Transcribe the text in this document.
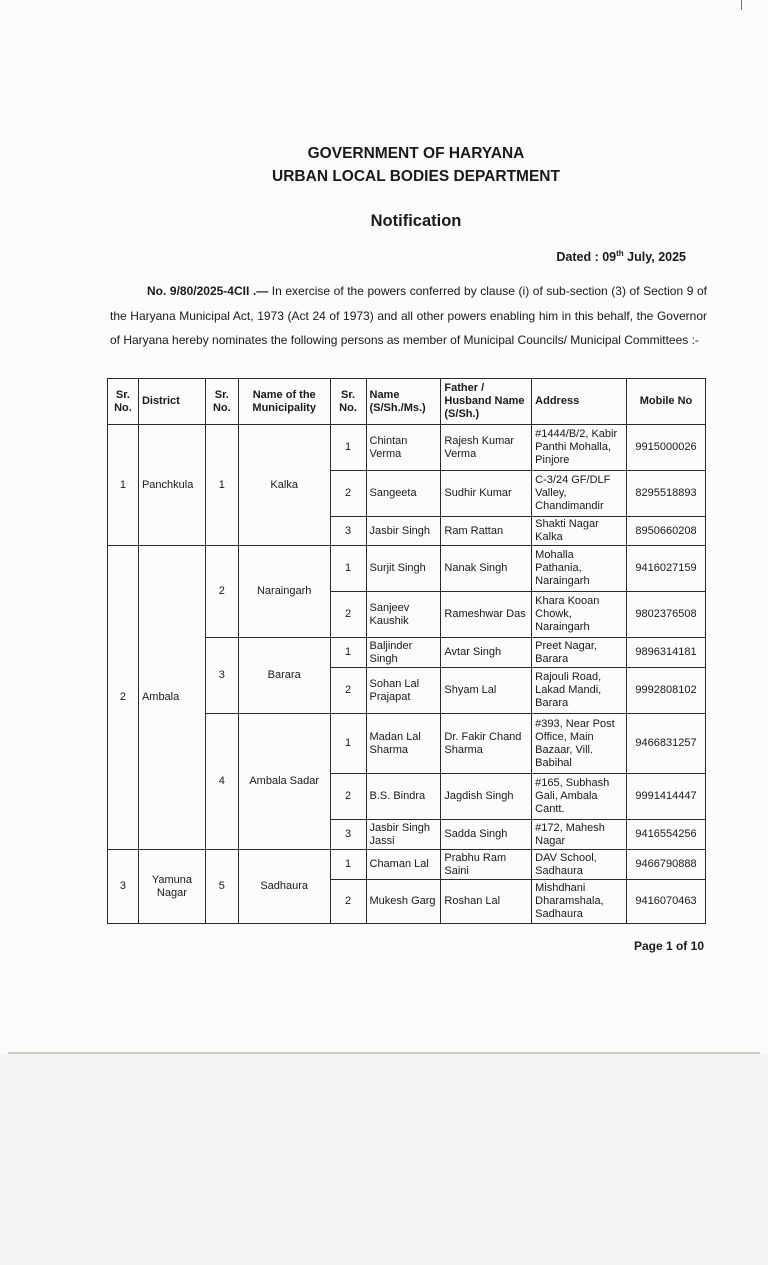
GOVERNMENT OF HARYANA
URBAN LOCAL BODIES DEPARTMENT
Notification
Dated : 09th July, 2025
No. 9/80/2025-4CII .— In exercise of the powers conferred by clause (i) of sub-section (3) of Section 9 of the Haryana Municipal Act, 1973 (Act 24 of 1973) and all other powers enabling him in this behalf, the Governor of Haryana hereby nominates the following persons as member of Municipal Councils/ Municipal Committees :-
Sr. No.	District	Sr. No.	Name of the Municipality	Sr. No.	Name (S/Sh./Ms.)	Father / Husband Name (S/Sh.)	Address	Mobile No
1	Panchkula	1	Kalka	1	Chintan Verma	Rajesh Kumar Verma	#1444/B/2, Kabir Panthi Mohalla, Pinjore	9915000026
				2	Sangeeta	Sudhir Kumar	C-3/24 GF/DLF Valley, Chandimandir	8295518893
				3	Jasbir Singh	Ram Rattan	Shakti Nagar Kalka	8950660208
2	Ambala	2	Naraingarh	1	Surjit Singh	Nanak Singh	Mohalla Pathania, Naraingarh	9416027159
				2	Sanjeev Kaushik	Rameshwar Das	Khara Kooan Chowk, Naraingarh	9802376508
		3	Barara	1	Baljinder Singh	Avtar Singh	Preet Nagar, Barara	9896314181
				2	Sohan Lal Prajapat	Shyam Lal	Rajouli Road, Lakad Mandi, Barara	9992808102
		4	Ambala Sadar	1	Madan Lal Sharma	Dr. Fakir Chand Sharma	#393, Near Post Office, Main Bazaar, Vill. Babihal	9466831257
				2	B.S. Bindra	Jagdish Singh	#165, Subhash Gali, Ambala Cantt.	9991414447
				3	Jasbir Singh Jassi	Sadda Singh	#172, Mahesh Nagar	9416554256
3	Yamuna Nagar	5	Sadhaura	1	Chaman Lal	Prabhu Ram Saini	DAV School, Sadhaura	9466790888
				2	Mukesh Garg	Roshan Lal	Mishdhani Dharamshala, Sadhaura	9416070463
Page 1 of 10
